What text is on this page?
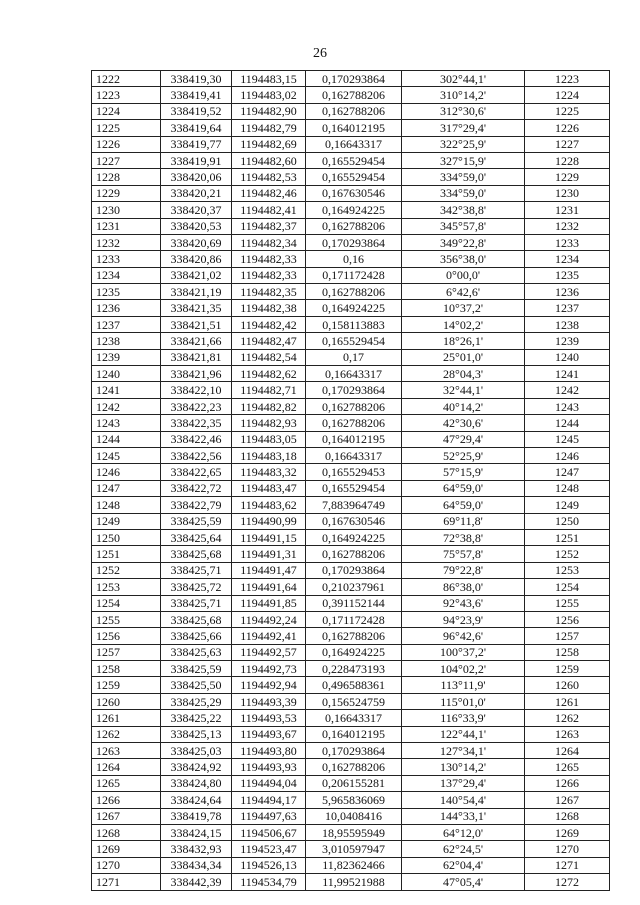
26
1222	338419,30	1194483,15	0,170293864	302°44,1'	1223
1223	338419,41	1194483,02	0,162788206	310°14,2'	1224
1224	338419,52	1194482,90	0,162788206	312°30,6'	1225
1225	338419,64	1194482,79	0,164012195	317°29,4'	1226
1226	338419,77	1194482,69	0,16643317	322°25,9'	1227
1227	338419,91	1194482,60	0,165529454	327°15,9'	1228
1228	338420,06	1194482,53	0,165529454	334°59,0'	1229
1229	338420,21	1194482,46	0,167630546	334°59,0'	1230
1230	338420,37	1194482,41	0,164924225	342°38,8'	1231
1231	338420,53	1194482,37	0,162788206	345°57,8'	1232
1232	338420,69	1194482,34	0,170293864	349°22,8'	1233
1233	338420,86	1194482,33	0,16	356°38,0'	1234
1234	338421,02	1194482,33	0,171172428	0°00,0'	1235
1235	338421,19	1194482,35	0,162788206	6°42,6'	1236
1236	338421,35	1194482,38	0,164924225	10°37,2'	1237
1237	338421,51	1194482,42	0,158113883	14°02,2'	1238
1238	338421,66	1194482,47	0,165529454	18°26,1'	1239
1239	338421,81	1194482,54	0,17	25°01,0'	1240
1240	338421,96	1194482,62	0,16643317	28°04,3'	1241
1241	338422,10	1194482,71	0,170293864	32°44,1'	1242
1242	338422,23	1194482,82	0,162788206	40°14,2'	1243
1243	338422,35	1194482,93	0,162788206	42°30,6'	1244
1244	338422,46	1194483,05	0,164012195	47°29,4'	1245
1245	338422,56	1194483,18	0,16643317	52°25,9'	1246
1246	338422,65	1194483,32	0,165529453	57°15,9'	1247
1247	338422,72	1194483,47	0,165529454	64°59,0'	1248
1248	338422,79	1194483,62	7,883964749	64°59,0'	1249
1249	338425,59	1194490,99	0,167630546	69°11,8'	1250
1250	338425,64	1194491,15	0,164924225	72°38,8'	1251
1251	338425,68	1194491,31	0,162788206	75°57,8'	1252
1252	338425,71	1194491,47	0,170293864	79°22,8'	1253
1253	338425,72	1194491,64	0,210237961	86°38,0'	1254
1254	338425,71	1194491,85	0,391152144	92°43,6'	1255
1255	338425,68	1194492,24	0,171172428	94°23,9'	1256
1256	338425,66	1194492,41	0,162788206	96°42,6'	1257
1257	338425,63	1194492,57	0,164924225	100°37,2'	1258
1258	338425,59	1194492,73	0,228473193	104°02,2'	1259
1259	338425,50	1194492,94	0,496588361	113°11,9'	1260
1260	338425,29	1194493,39	0,156524759	115°01,0'	1261
1261	338425,22	1194493,53	0,16643317	116°33,9'	1262
1262	338425,13	1194493,67	0,164012195	122°44,1'	1263
1263	338425,03	1194493,80	0,170293864	127°34,1'	1264
1264	338424,92	1194493,93	0,162788206	130°14,2'	1265
1265	338424,80	1194494,04	0,206155281	137°29,4'	1266
1266	338424,64	1194494,17	5,965836069	140°54,4'	1267
1267	338419,78	1194497,63	10,0408416	144°33,1'	1268
1268	338424,15	1194506,67	18,95595949	64°12,0'	1269
1269	338432,93	1194523,47	3,010597947	62°24,5'	1270
1270	338434,34	1194526,13	11,82362466	62°04,4'	1271
1271	338442,39	1194534,79	11,99521988	47°05,4'	1272
